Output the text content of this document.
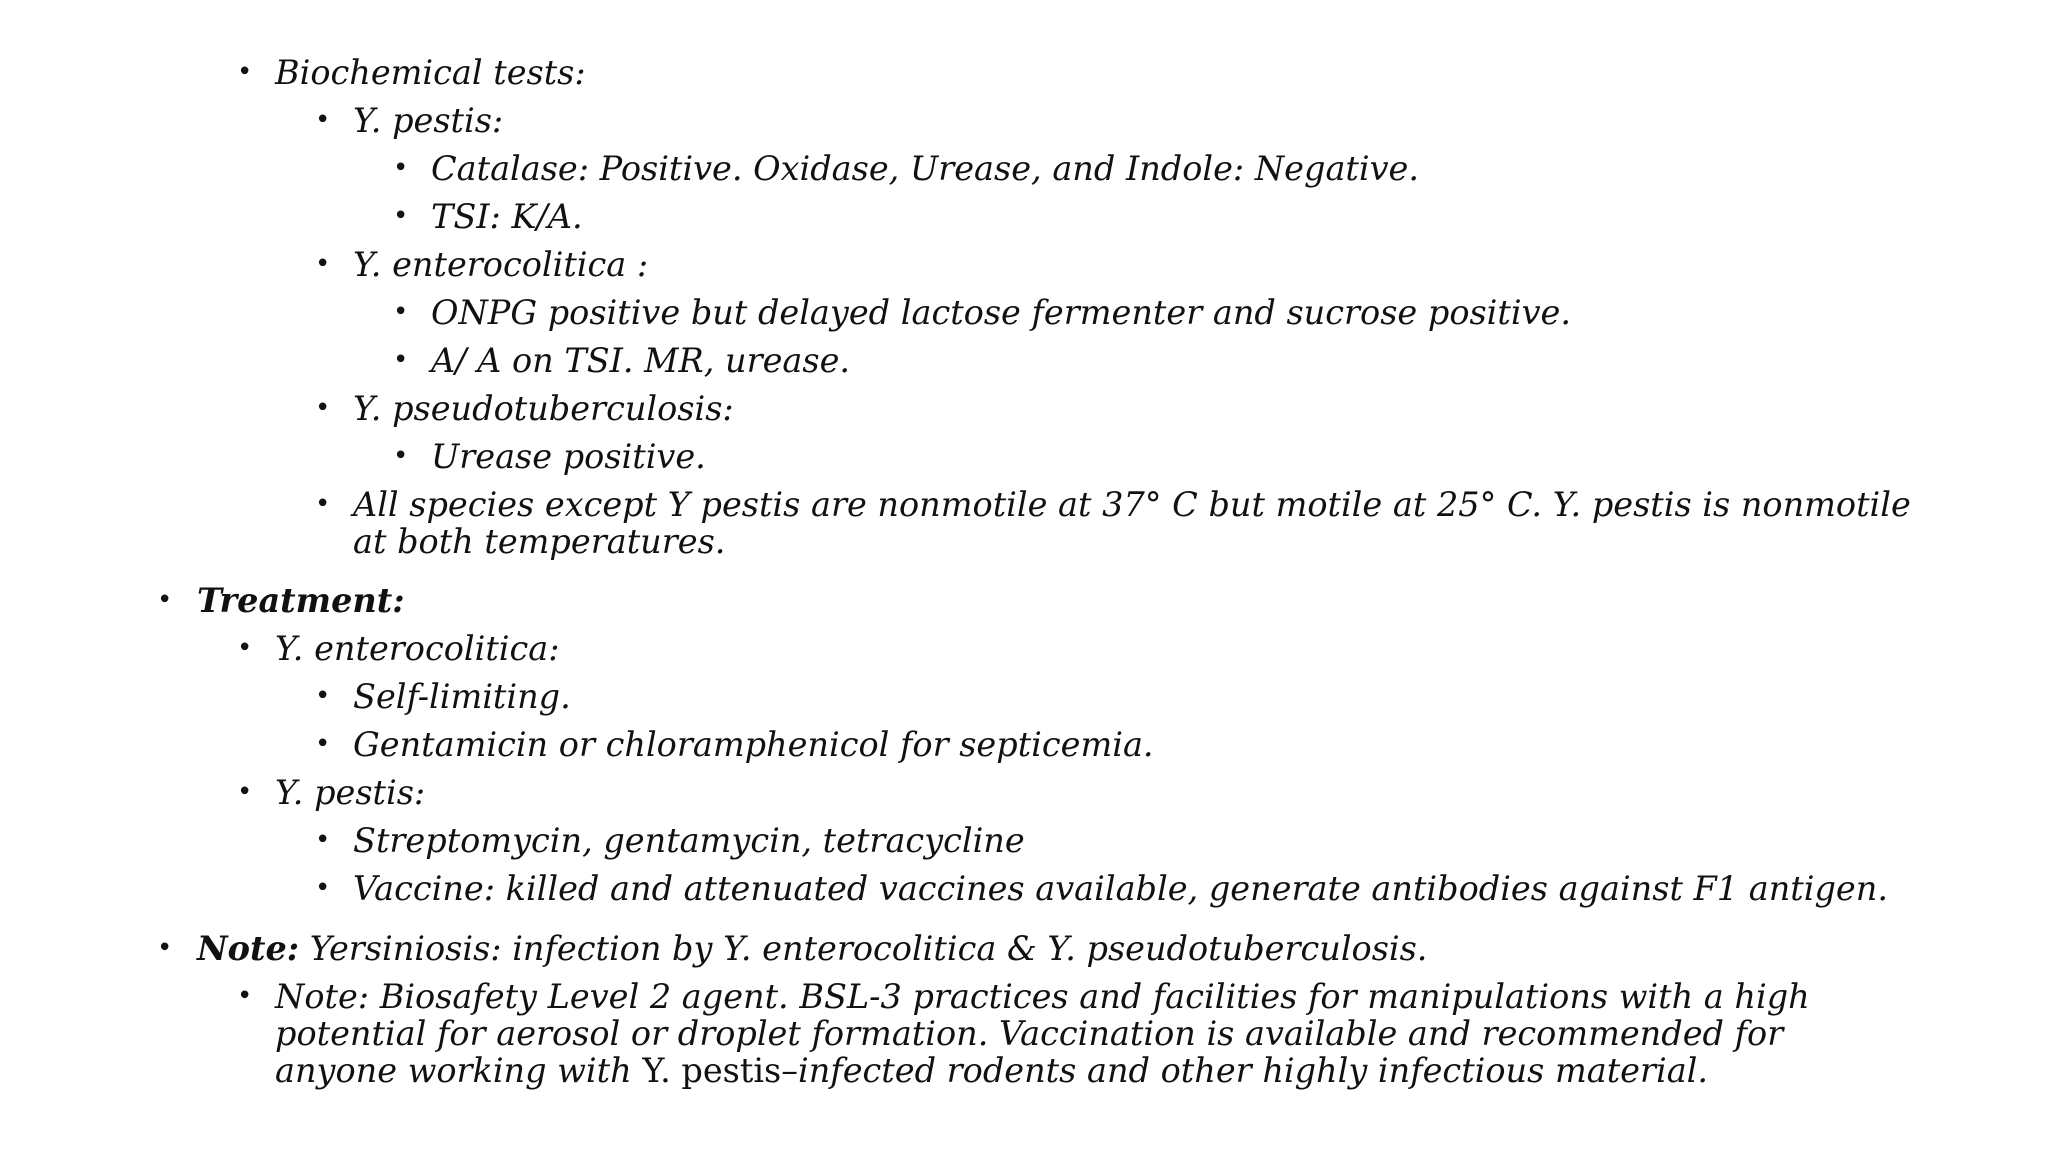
• Biochemical tests:
• Y. pestis:
• Catalase: Positive. Oxidase, Urease, and Indole: Negative.
• TSI: K/A.
• Y. enterocolitica :
• ONPG positive but delayed lactose fermenter and sucrose positive.
• A/ A on TSI. MR, urease.
• Y. pseudotuberculosis:
• Urease positive.
• All species except Y pestis are nonmotile at 37° C but motile at 25° C. Y. pestis is nonmotile at both temperatures.
• Treatment:
• Y. enterocolitica:
• Self-limiting.
• Gentamicin or chloramphenicol for septicemia.
• Y. pestis:
• Streptomycin, gentamycin, tetracycline
• Vaccine: killed and attenuated vaccines available, generate antibodies against F1 antigen.
• Note: Yersiniosis: infection by Y. enterocolitica & Y. pseudotuberculosis.
• Note: Biosafety Level 2 agent. BSL-3 practices and facilities for manipulations with a high potential for aerosol or droplet formation. Vaccination is available and recommended for anyone working with Y. pestis–infected rodents and other highly infectious material.
